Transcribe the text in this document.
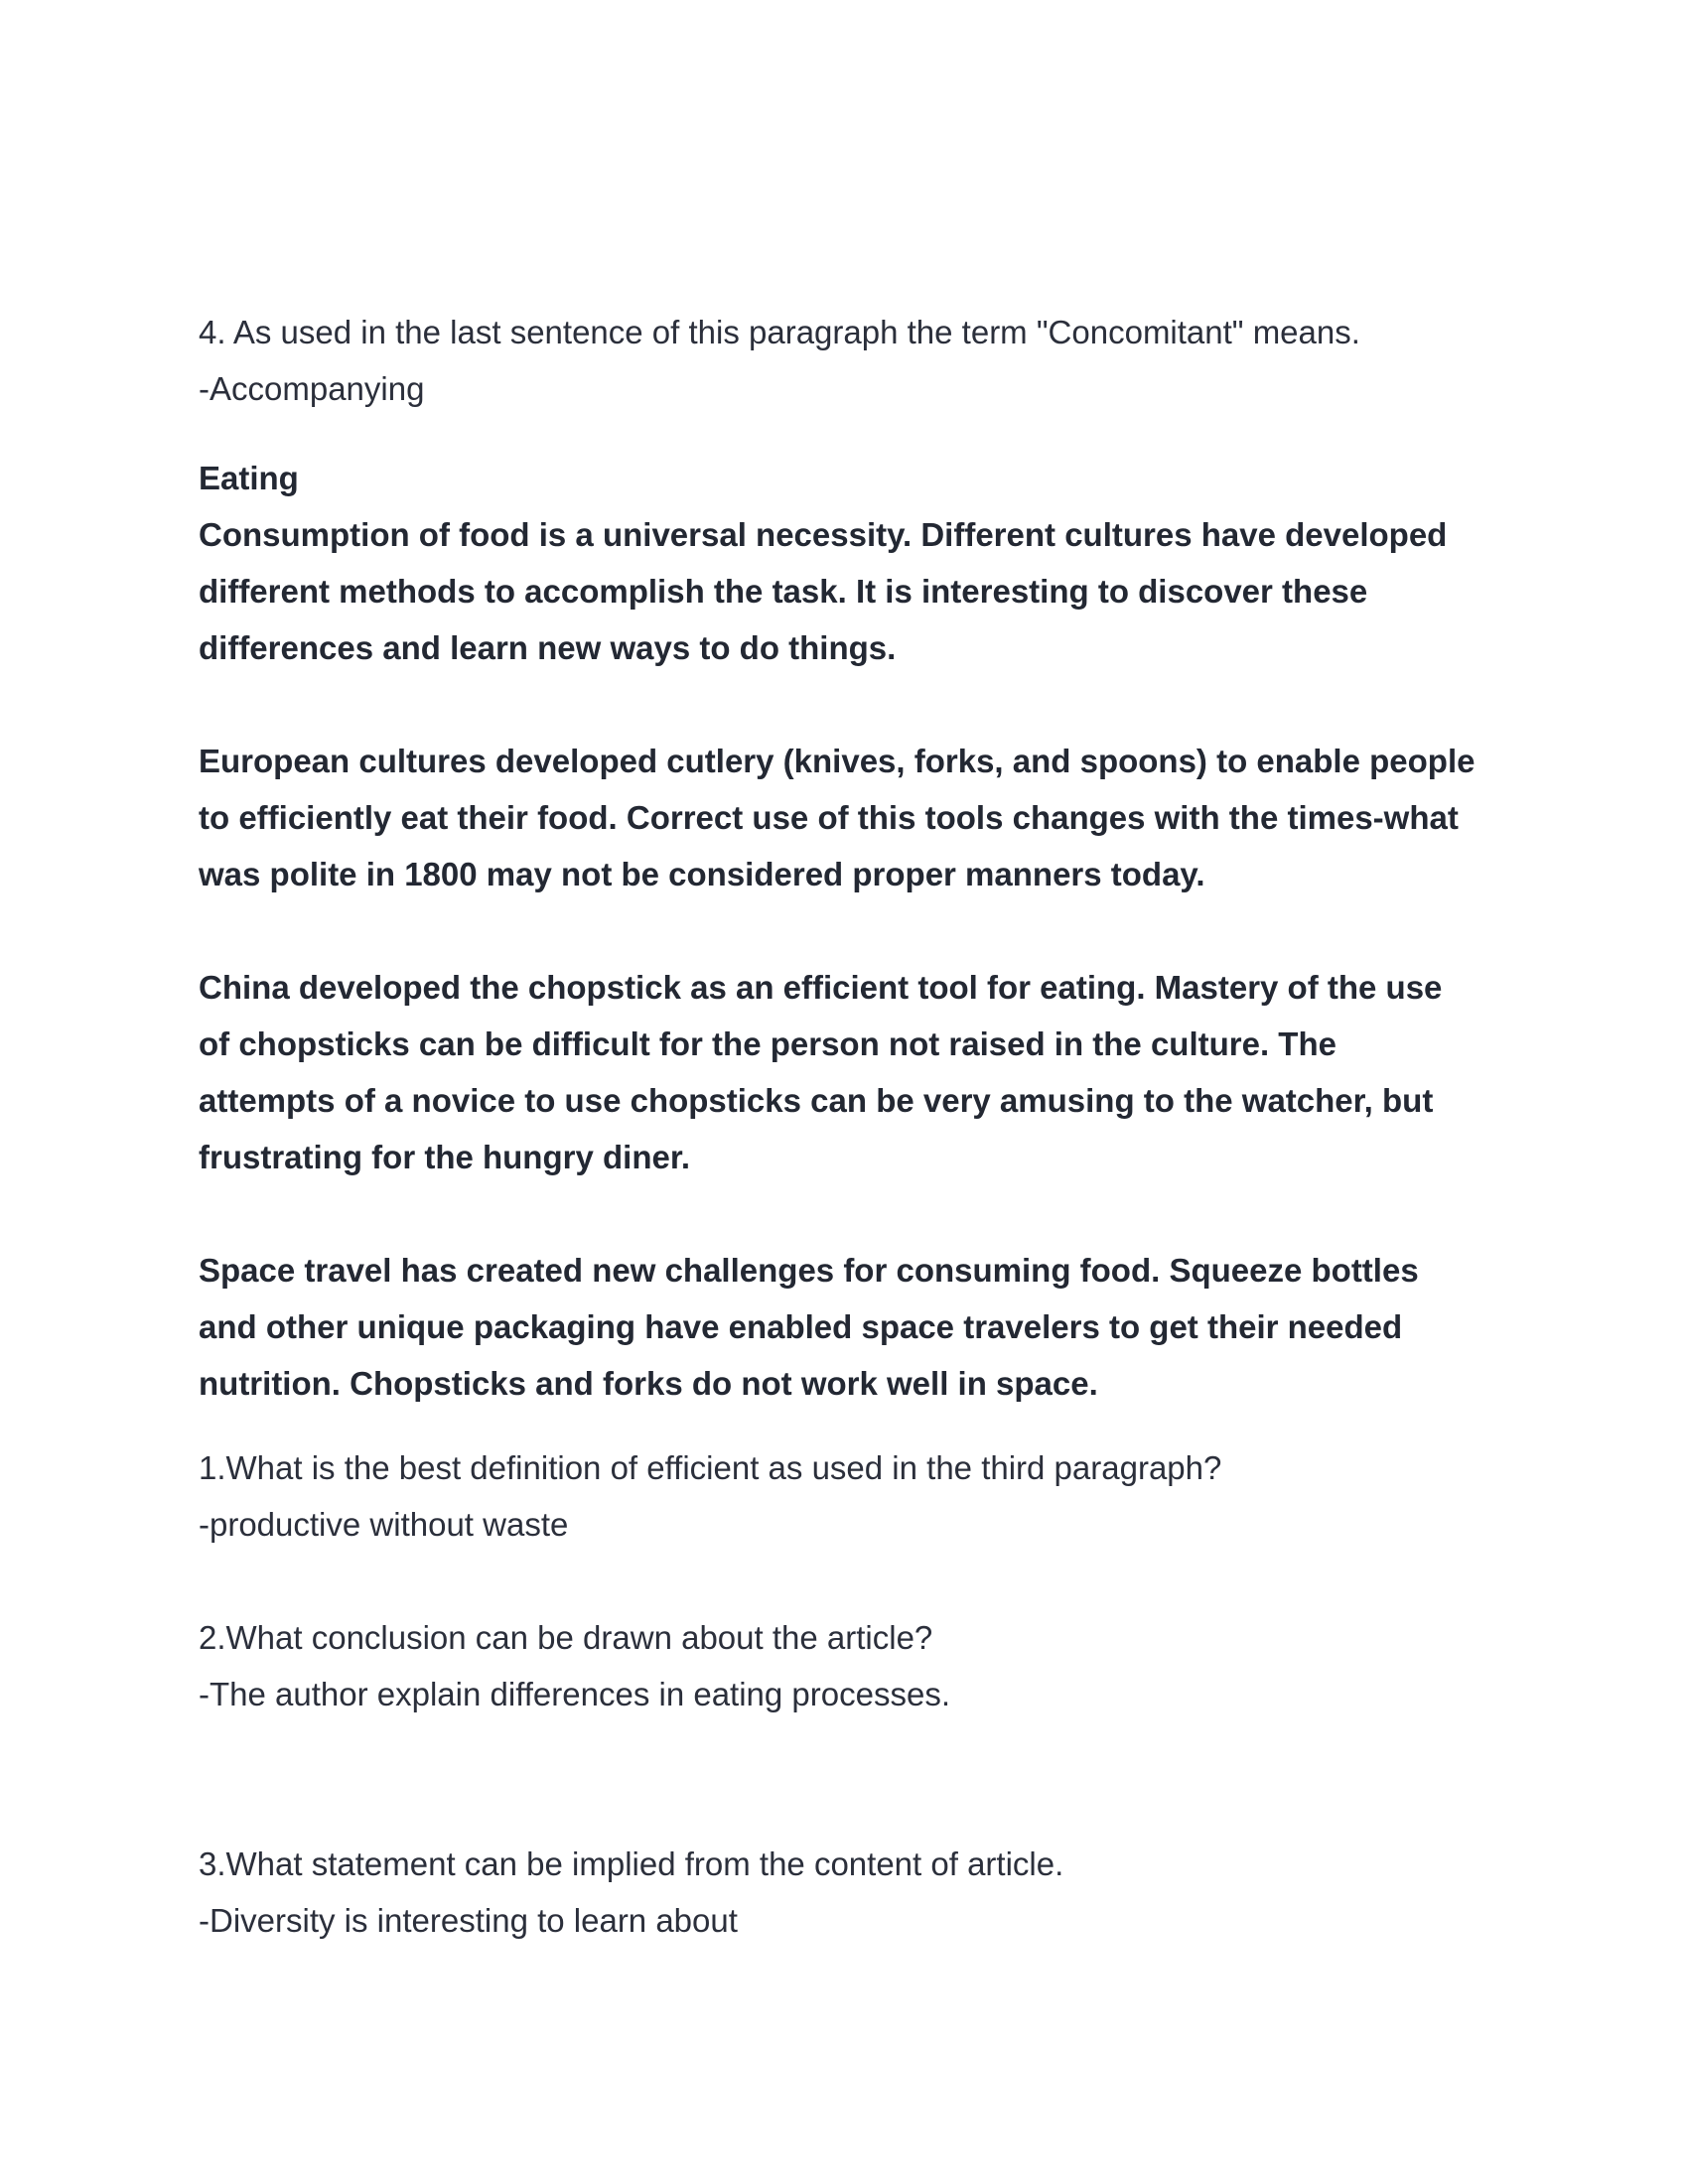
4. As used in the last sentence of this paragraph the term "Concomitant" means.
-Accompanying
Eating
Consumption of food is a universal necessity. Different cultures have developed
different methods to accomplish the task. It is interesting to discover these
differences and learn new ways to do things.
European cultures developed cutlery (knives, forks, and spoons) to enable people
to efficiently eat their food. Correct use of this tools changes with the times-what
was polite in 1800 may not be considered proper manners today.
China developed the chopstick as an efficient tool for eating. Mastery of the use
of chopsticks can be difficult for the person not raised in the culture. The
attempts of a novice to use chopsticks can be very amusing to the watcher, but
frustrating for the hungry diner.
Space travel has created new challenges for consuming food. Squeeze bottles
and other unique packaging have enabled space travelers to get their needed
nutrition. Chopsticks and forks do not work well in space.
1.What is the best definition of efficient as used in the third paragraph?
-productive without waste
2.What conclusion can be drawn about the article?
-The author explain differences in eating processes.
3.What statement can be implied from the content of article.
-Diversity is interesting to learn about
